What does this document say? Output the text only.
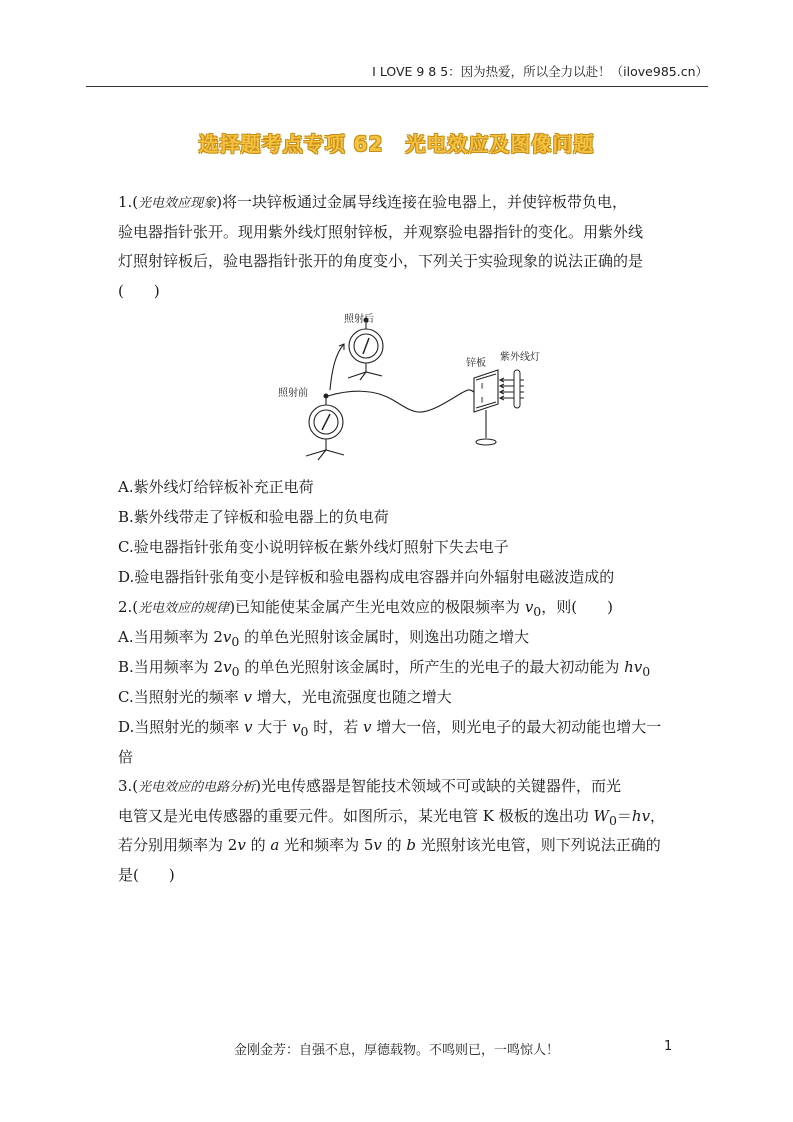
I LOVE 9 8 5：因为热爱，所以全力以赴！（ilove985.cn）
选择题考点专项 62 光电效应及图像问题
1.(光电效应现象)将一块锌板通过金属导线连接在验电器上，并使锌板带负电，
验电器指针张开。现用紫外线灯照射锌板，并观察验电器指针的变化。用紫外线
灯照射锌板后，验电器指针张开的角度变小，下列关于实验现象的说法正确的是
(　　)
∥
∥
照射后
锌板
紫外线灯
照射前
A.紫外线灯给锌板补充正电荷
B.紫外线带走了锌板和验电器上的负电荷
C.验电器指针张角变小说明锌板在紫外线灯照射下失去电子
D.验电器指针张角变小是锌板和验电器构成电容器并向外辐射电磁波造成的
2.(光电效应的规律)已知能使某金属产生光电效应的极限频率为 $v_0$，则(　　)
A.当用频率为 $2v_0$ 的单色光照射该金属时，则逸出功随之增大
B.当用频率为 $2v_0$ 的单色光照射该金属时，所产生的光电子的最大初动能为 $hv_0$
C.当照射光的频率 v 增大，光电流强度也随之增大
D.当照射光的频率 v 大于 $v_0$ 时，若 v 增大一倍，则光电子的最大初动能也增大一
倍
3.(光电效应的电路分析)光电传感器是智能技术领域不可或缺的关键器件，而光
电管又是光电传感器的重要元件。如图所示，某光电管 K 极板的逸出功 $W_0=hv$，
若分别用频率为 2v 的 a 光和频率为 5v 的 b 光照射该光电管，则下列说法正确的
是(　　)
金刚金芳：自强不息，厚德载物。不鸣则已，一鸣惊人！	1
